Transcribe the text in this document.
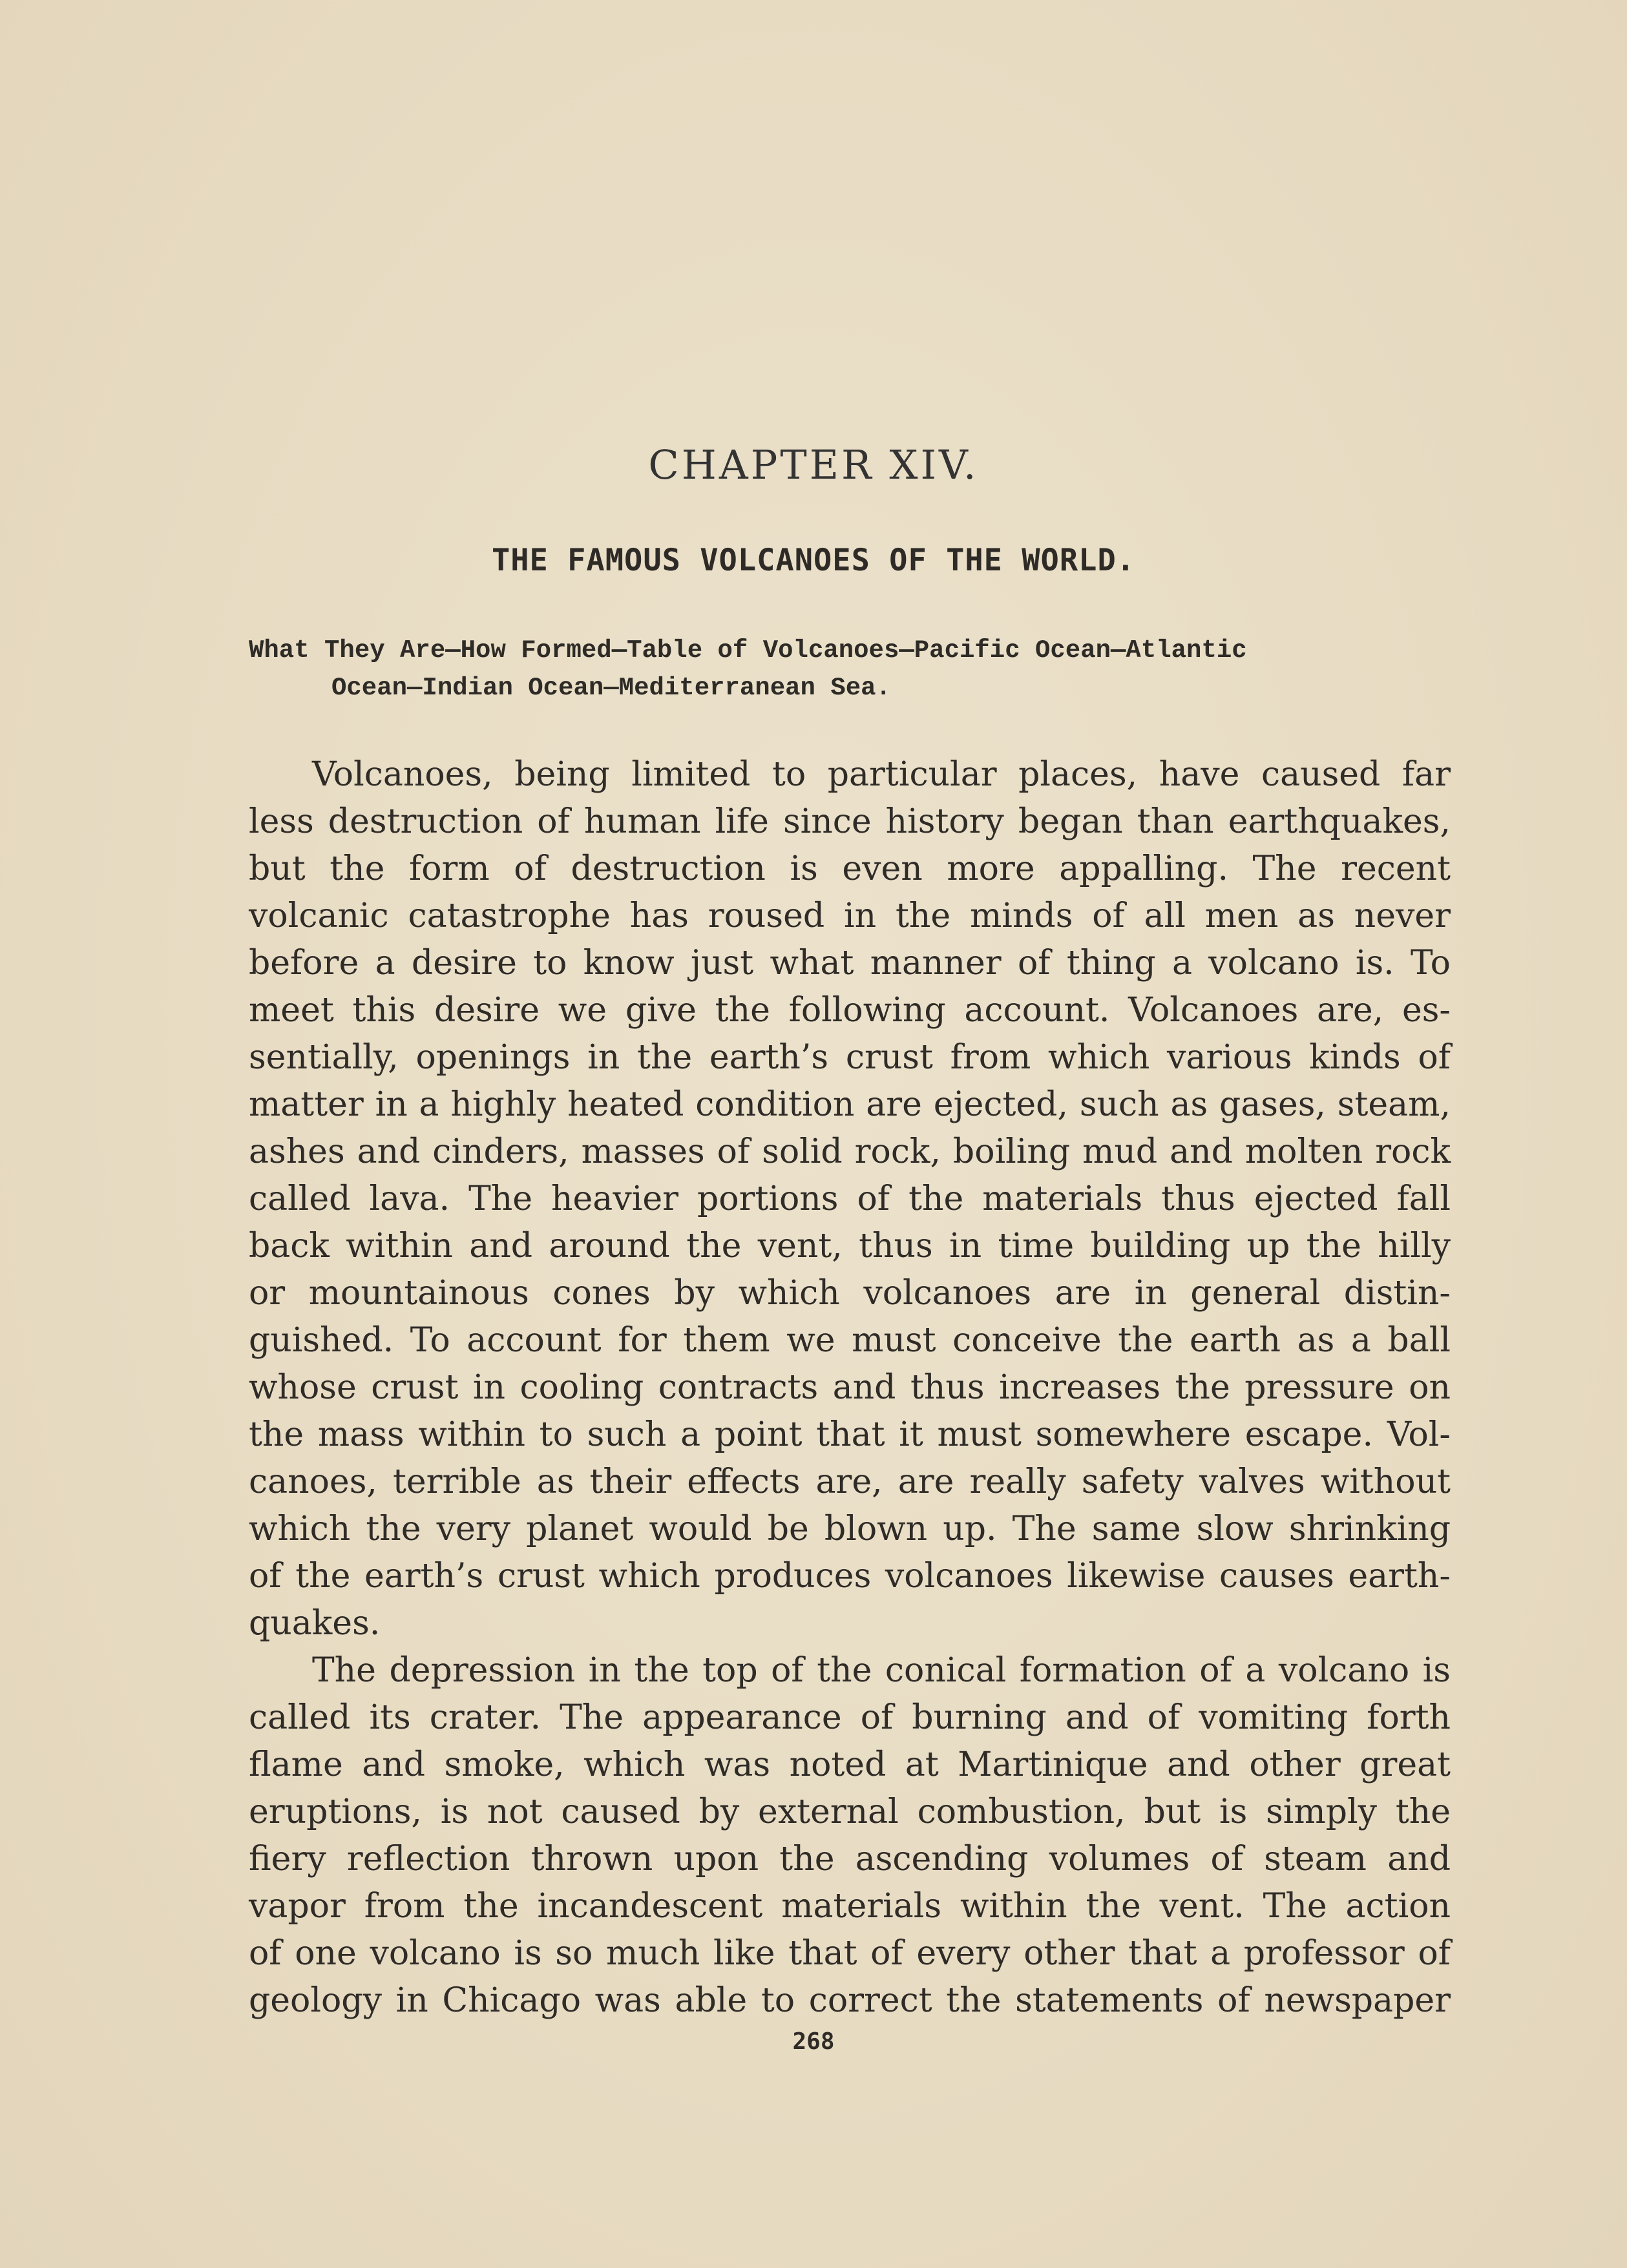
CHAPTER XIV.
THE FAMOUS VOLCANOES OF THE WORLD.
What They Are—How Formed—Table of Volcanoes—Pacific Ocean—Atlantic
Ocean—Indian Ocean—Mediterranean Sea.
Volcanoes, being limited to particular places, have caused far
less destruction of human life since history began than earthquakes,
but the form of destruction is even more appalling. The recent
volcanic catastrophe has roused in the minds of all men as never
before a desire to know just what manner of thing a volcano is. To
meet this desire we give the following account. Volcanoes are, es-
sentially, openings in the earth’s crust from which various kinds of
matter in a highly heated condition are ejected, such as gases, steam,
ashes and cinders, masses of solid rock, boiling mud and molten rock
called lava. The heavier portions of the materials thus ejected fall
back within and around the vent, thus in time building up the hilly
or mountainous cones by which volcanoes are in general distin-
guished. To account for them we must conceive the earth as a ball
whose crust in cooling contracts and thus increases the pressure on
the mass within to such a point that it must somewhere escape. Vol-
canoes, terrible as their effects are, are really safety valves without
which the very planet would be blown up. The same slow shrinking
of the earth’s crust which produces volcanoes likewise causes earth-
quakes.
The depression in the top of the conical formation of a volcano is
called its crater. The appearance of burning and of vomiting forth
flame and smoke, which was noted at Martinique and other great
eruptions, is not caused by external combustion, but is simply the
fiery reflection thrown upon the ascending volumes of steam and
vapor from the incandescent materials within the vent. The action
of one volcano is so much like that of every other that a professor of
geology in Chicago was able to correct the statements of newspaper
268
